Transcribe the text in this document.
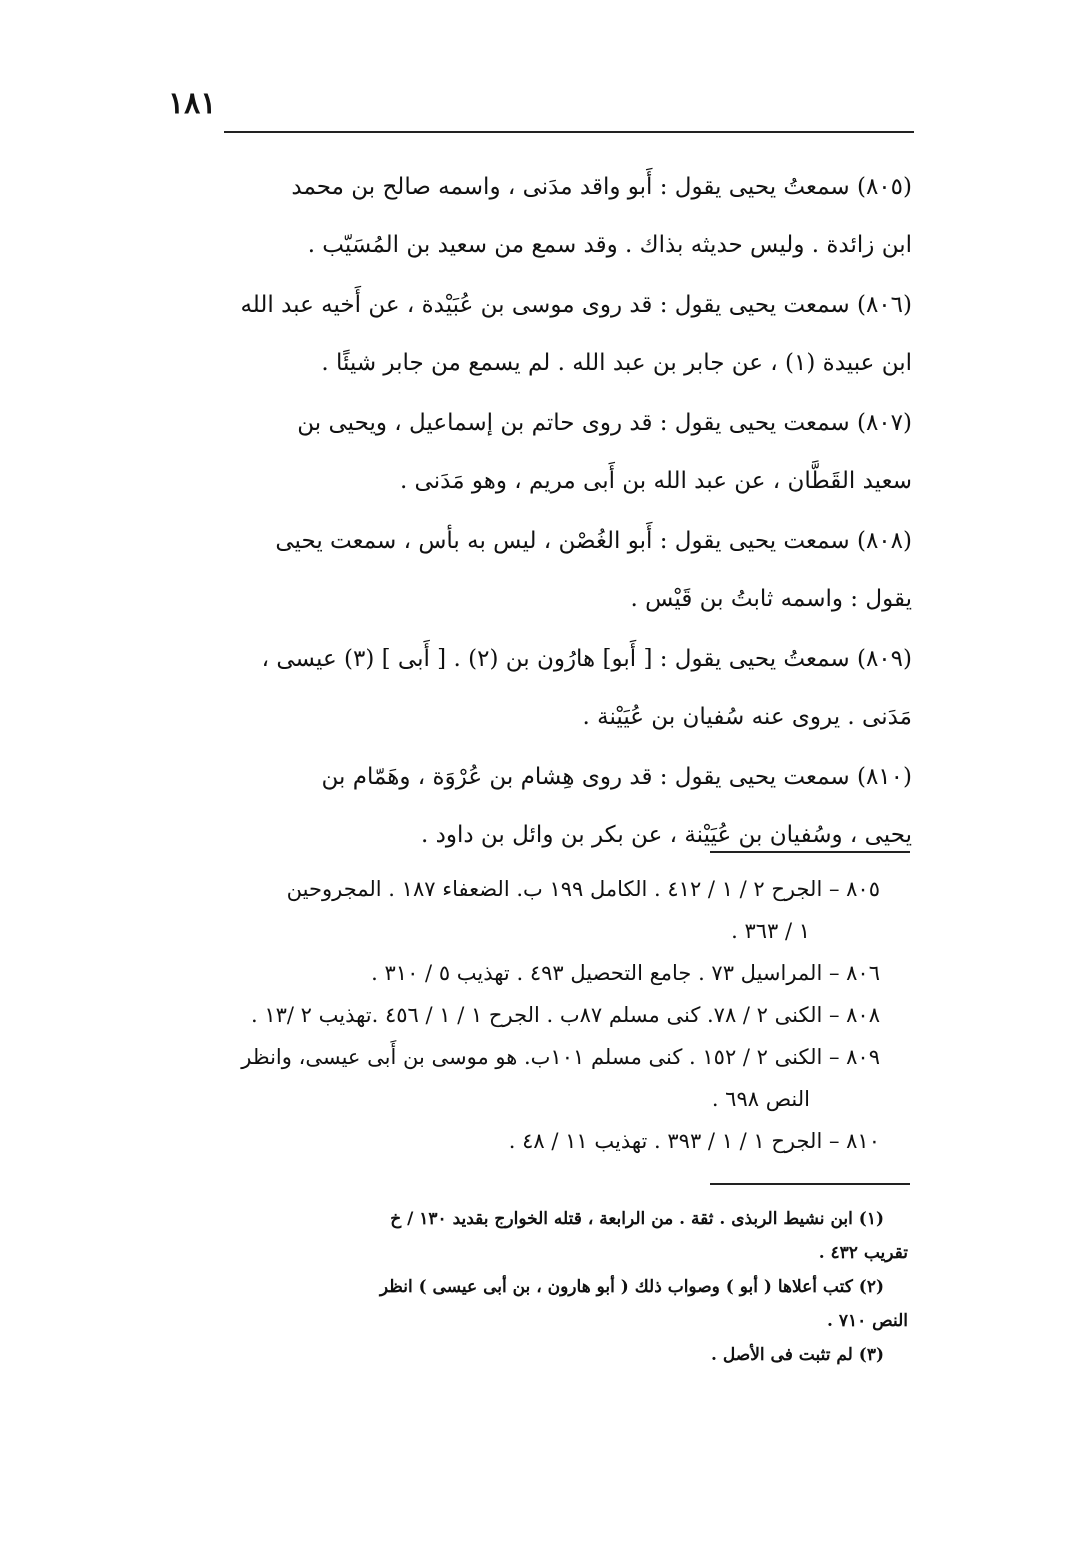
١٨١

(٨٠٥) سمعتُ يحيى يقول : أَبو واقد مدَنى ، واسمه صالح بن محمد

ابن زائدة . وليس حديثه بذاك . وقد سمع من سعيد بن المُسَيّب .

(٨٠٦) سمعت يحيى يقول : قد روى موسى بن عُبَيْدة ، عن أَخيه عبد الله

ابن عبيدة (١) ، عن جابر بن عبد الله . لم يسمع من جابر شيئًا .

(٨٠٧) سمعت يحيى يقول : قد روى حاتم بن إسماعيل ، ويحيى بن

سعيد القَطَّان ، عن عبد الله بن أَبى مريم ، وهو مَدَنى .

(٨٠٨) سمعت يحيى يقول : أَبو الغُصْن ، ليس به بأس ، سمعت يحيى

يقول : واسمه ثابتُ بن قَيْس .

(٨٠٩) سمعتُ يحيى يقول : [ أَبو] هارُون بن (٢) . [ أَبى ] (٣) عيسى ،

مَدَنى . يروى عنه سُفيان بن عُيَيْنة .

(٨١٠) سمعت يحيى يقول : قد روى هِشام بن عُرْوَة ، وهَمّام بن

يحيى ، وسُفيان بن عُيَيْنة ، عن بكر بن وائل بن داود .

٨٠٥ – الجرح ٢ / ١ / ٤١٢ . الكامل ١٩٩ ب. الضعفاء ١٨٧ . المجروحين

١ / ٣٦٣ .

٨٠٦ – المراسيل ٧٣ . جامع التحصيل ٤٩٣ . تهذيب ٥ / ٣١٠ .

٨٠٨ – الكنى ٢ / ٧٨. كنى مسلم ٨٧ب . الجرح ١ / ١ / ٤٥٦ .تهذيب ٢ /١٣ .

٨٠٩ – الكنى ٢ / ١٥٢ . كنى مسلم ١٠١ب. هو موسى بن أَبى عيسى، وانظر

النص ٦٩٨ .

٨١٠ – الجرح ١ / ١ / ٣٩٣ . تهذيب ١١ / ٤٨ .

(١) ابن نشيط الربذى . ثقة . من الرابعة ، قتله الخوارج بقديد ١٣٠ / خ

تقريب ٤٣٢ .

(٢) كتب أعلاها ( أبو ) وصواب ذلك ( أبو هارون ، بن أبى عيسى ) انظر

النص ٧١٠ .

(٣) لم تثبت فى الأصل .
